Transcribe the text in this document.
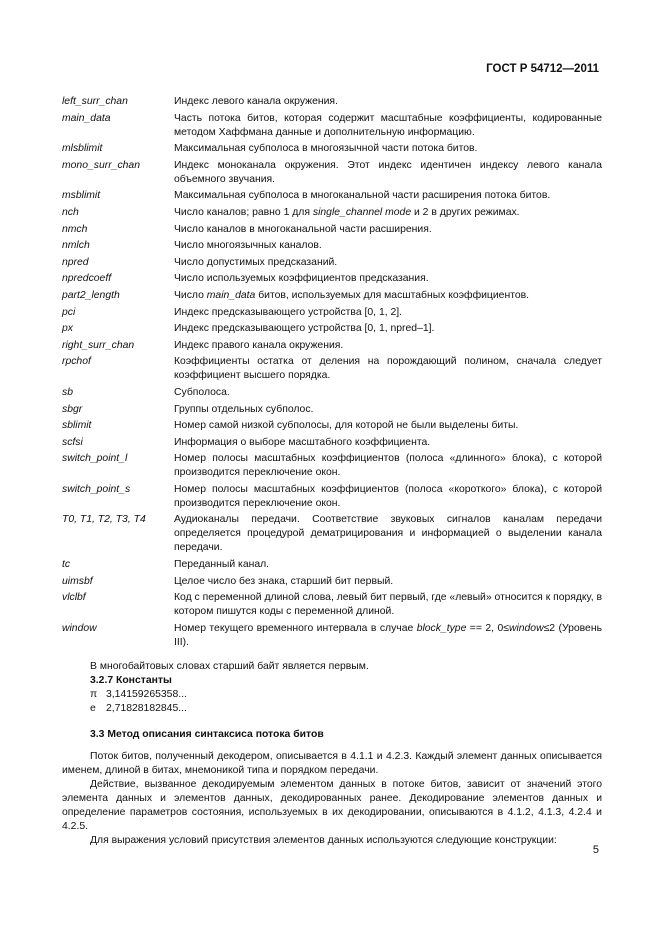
ГОСТ Р 54712—2011
left_surr_chan	Индекс левого канала окружения.
main_data	Часть потока битов, которая содержит масштабные коэффициенты, кодированные методом Хаффмана данные и дополнительную информацию.
mlsblimit	Максимальная субполоса в многоязычной части потока битов.
mono_surr_chan	Индекс моноканала окружения. Этот индекс идентичен индексу левого канала объемного звучания.
msblimit	Максимальная субполоса в многоканальной части расширения потока битов.
nch	Число каналов; равно 1 для single_channel mode и 2 в других режимах.
nmch	Число каналов в многоканальной части расширения.
nmlch	Число многоязычных каналов.
npred	Число допустимых предсказаний.
npredcoeff	Число используемых коэффициентов предсказания.
part2_length	Число main_data битов, используемых для масштабных коэффициентов.
pci	Индекс предсказывающего устройства [0, 1, 2].
px	Индекс предсказывающего устройства [0, 1, npred–1].
right_surr_chan	Индекс правого канала окружения.
rpchof	Коэффициенты остатка от деления на порождающий полином, сначала следует коэффициент высшего порядка.
sb	Субполоса.
sbgr	Группы отдельных субполос.
sblimit	Номер самой низкой субполосы, для которой не были выделены биты.
scfsi	Информация о выборе масштабного коэффициента.
switch_point_l	Номер полосы масштабных коэффициентов (полоса «длинного» блока), с которой производится переключение окон.
switch_point_s	Номер полосы масштабных коэффициентов (полоса «короткого» блока), с которой производится переключение окон.
T0, T1, T2, T3, T4	Аудиоканалы передачи. Соответствие звуковых сигналов каналам передачи определяется процедурой дематрицирования и информацией о выделении канала передачи.
tc	Переданный канал.
uimsbf	Целое число без знака, старший бит первый.
vlclbf	Код с переменной длиной слова, левый бит первый, где «левый» относится к порядку, в котором пишутся коды с переменной длиной.
window	Номер текущего временного интервала в случае block_type == 2, 0≤window≤2 (Уровень III).
В многобайтовых словах старший байт является первым.
3.2.7 Константы
π 3,14159265358...
e 2,71828182845...
3.3 Метод описания синтаксиса потока битов

Поток битов, полученный декодером, описывается в 4.1.1 и 4.2.3. Каждый элемент данных описывается именем, длиной в битах, мнемоникой типа и порядком передачи.

Действие, вызванное декодируемым элементом данных в потоке битов, зависит от значений этого элемента данных и элементов данных, декодированных ранее. Декодирование элементов данных и определение параметров состояния, используемых в их декодировании, описываются в 4.1.2, 4.1.3, 4.2.4 и 4.2.5.

Для выражения условий присутствия элементов данных используются следующие конструкции:

5
